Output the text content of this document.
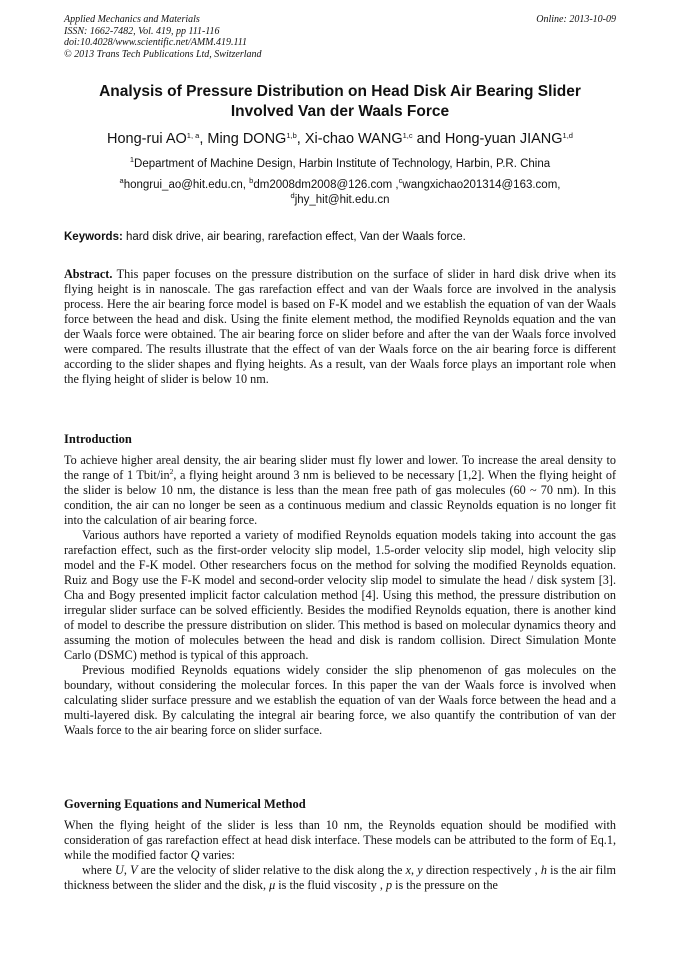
Applied Mechanics and Materials
ISSN: 1662-7482, Vol. 419, pp 111-116
doi:10.4028/www.scientific.net/AMM.419.111
© 2013 Trans Tech Publications Ltd, Switzerland
Online: 2013-10-09
Analysis of Pressure Distribution on Head Disk Air Bearing Slider
Involved Van der Waals Force
Hong-rui AO$^{1, a}$, Ming DONG$^{1,b}$, Xi-chao WANG$^{1,c}$ and Hong-yuan JIANG$^{1,d}$
$^1$Department of Machine Design, Harbin Institute of Technology, Harbin, P.R. China
$^a$hongrui_ao@hit.edu.cn, $^b$dm2008dm2008@126.com ,$^c$wangxichao201314@163.com,
$^d$jhy_hit@hit.edu.cn
Keywords: hard disk drive, air bearing, rarefaction effect, Van der Waals force.

Abstract. This paper focuses on the pressure distribution on the surface of slider in hard disk drive when its flying height is in nanoscale. The gas rarefaction effect and van der Waals force are involved in the analysis process. Here the air bearing force model is based on F-K model and we establish the equation of van der Waals force between the head and disk. Using the finite element method, the modified Reynolds equation and the van der Waals force were obtained. The air bearing force on slider before and after the van der Waals force involved were compared. The results illustrate that the effect of van der Waals force on the air bearing force is different according to the slider shapes and flying heights. As a result, van der Waals force plays an important role when the flying height of slider is below 10 nm.

Introduction

To achieve higher areal density, the air bearing slider must fly lower and lower. To increase the areal density to the range of 1 Tbit/$in^2$, a flying height around 3 nm is believed to be necessary [1,2]. When the flying height of the slider is below 10 nm, the distance is less than the mean free path of gas molecules (60 ~ 70 nm). In this condition, the air can no longer be seen as a continuous medium and classic Reynolds equation is no longer fit into the calculation of air bearing force.

Various authors have reported a variety of modified Reynolds equation models taking into account the gas rarefaction effect, such as the first-order velocity slip model, 1.5-order velocity slip model, high velocity slip model and the F-K model. Other researchers focus on the method for solving the modified Reynolds equation. Ruiz and Bogy use the F-K model and second-order velocity slip model to simulate the head / disk system [3]. Cha and Bogy presented implicit factor calculation method [4]. Using this method, the pressure distribution on irregular slider surface can be solved efficiently. Besides the modified Reynolds equation, there is another kind of model to describe the pressure distribution on slider. This method is based on molecular dynamics theory and assuming the motion of molecules between the head and disk is random collision. Direct Simulation Monte Carlo (DSMC) method is typical of this approach.

Previous modified Reynolds equations widely consider the slip phenomenon of gas molecules on the boundary, without considering the molecular forces. In this paper the van der Waals force is involved when calculating slider surface pressure and we establish the equation of van der Waals force between the head and a multi-layered disk. By calculating the integral air bearing force, we also quantify the contribution of van der Waals force to the air bearing force on slider surface.

Governing Equations and Numerical Method

When the flying height of the slider is less than 10 nm, the Reynolds equation should be modified with consideration of gas rarefaction effect at head disk interface. These models can be attributed to the form of Eq.1, while the modified factor Q varies:

where U, V are the velocity of slider relative to the disk along the x, y direction respectively , h is the air film thickness between the slider and the disk, μ is the fluid viscosity , p is the pressure on the
